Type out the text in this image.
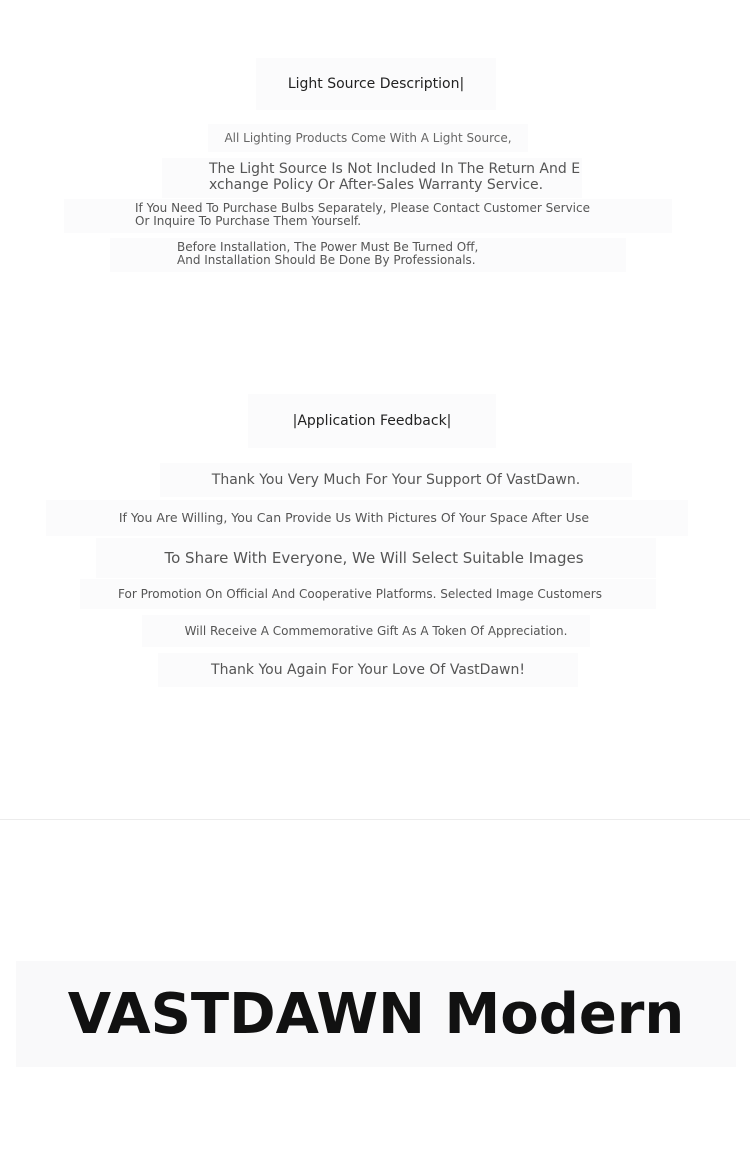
Light Source Description|
All Lighting Products Come With A Light Source,
The Light Source Is Not Included In The Return And Exchange Policy Or After-Sales Warranty Service.
If You Need To Purchase Bulbs Separately, Please Contact Customer Service Or Inquire To Purchase Them Yourself.
Before Installation, The Power Must Be Turned Off, And Installation Should Be Done By Professionals.
|Application Feedback|
Thank You Very Much For Your Support Of VastDawn.
If You Are Willing, You Can Provide Us With Pictures Of Your Space After Use
To Share With Everyone, We Will Select Suitable Images
For Promotion On Official And Cooperative Platforms. Selected Image Customers
Will Receive A Commemorative Gift As A Token Of Appreciation.
Thank You Again For Your Love Of VastDawn!
VASTDAWN Modern
